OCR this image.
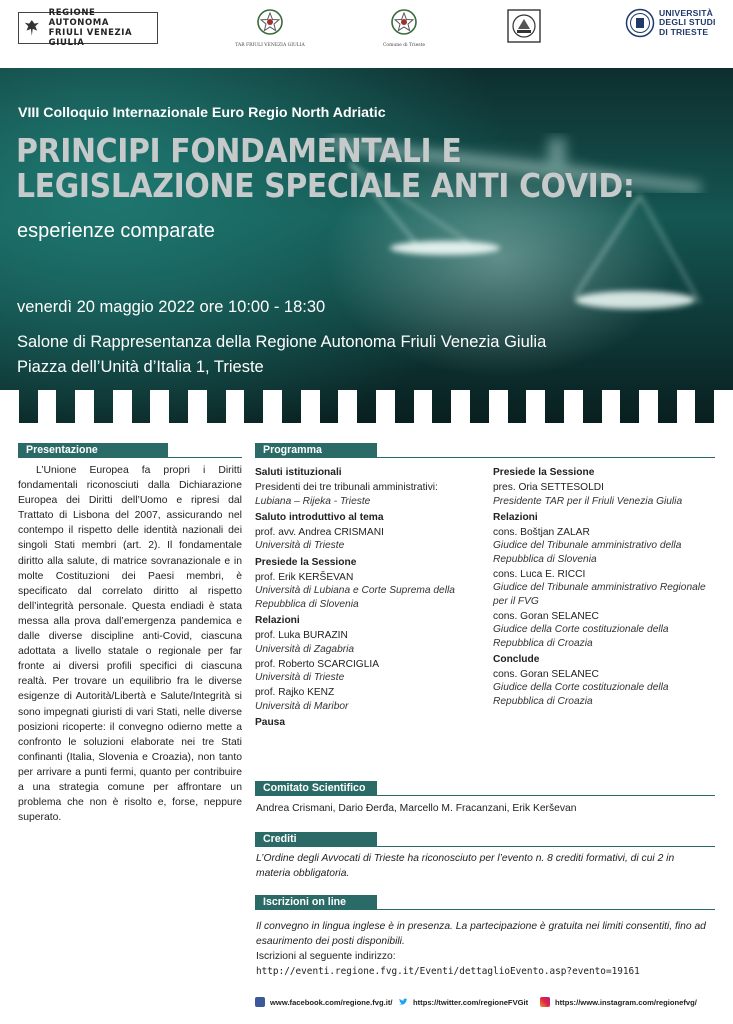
REGIONE AUTONOMA
FRIULI VENEZIA GIULIA	TAR FRIULI VENEZIA GIULIA	Comune di Trieste
UNIVERSITÀ
DEGLI STUDI
DI TRIESTE
VIII Colloquio Internazionale Euro Regio North Adriatic
PRINCIPI FONDAMENTALI E
LEGISLAZIONE SPECIALE ANTI COVID:
esperienze comparate
venerdì 20 maggio 2022 ore 10:00 - 18:30
Salone di Rappresentanza della Regione Autonoma Friuli Venezia Giulia
Piazza dell’Unità d’Italia 1, Trieste
Presentazione
L’Unione Europea fa propri i Diritti fondamentali riconosciuti dalla Dichiarazione Europea dei Diritti dell’Uomo e ripresi dal Trattato di Lisbona del 2007, assicurando nel contempo il rispetto delle identità nazionali dei singoli Stati membri (art. 2). Il fondamentale diritto alla salute, di matrice sovranazionale e in molte Costituzioni dei Paesi membri, è specificato dal correlato diritto al rispetto dell’integrità personale. Questa endiadi è stata messa alla prova dall’emergenza pandemica e dalle diverse discipline anti-Covid, ciascuna adottata a livello statale o regionale per far fronte ai diversi profili specifici di ciascuna realtà. Per trovare un equilibrio fra le diverse esigenze di Autorità/Libertà e Salute/Integrità si sono impegnati giuristi di vari Stati, nelle diverse posizioni ricoperte: il convegno odierno mette a confronto le soluzioni elaborate nei tre Stati confinanti (Italia, Slovenia e Croazia), non tanto per arrivare a punti fermi, quanto per contribuire a una strategia comune per affrontare un problema che non è risolto e, forse, neppure superato.
Programma
Saluti istituzionali
Presidenti dei tre tribunali amministrativi:
Lubiana – Rijeka - Trieste
Saluto introduttivo al tema
prof. avv. Andrea CRISMANI
Università di Trieste
Presiede la Sessione
prof. Erik KERŠEVAN
Università di Lubiana e Corte Suprema della
Repubblica di Slovenia
Relazioni
prof. Luka BURAZIN
Università di Zagabria
prof. Roberto SCARCIGLIA
Università di Trieste
prof. Rajko KENZ
Università di Maribor
Pausa
Presiede la Sessione
pres. Oria SETTESOLDI
Presidente TAR per il Friuli Venezia Giulia
Relazioni
cons. Boštjan ZALAR
Giudice del Tribunale amministrativo della
Repubblica di Slovenia
cons. Luca E. RICCI
Giudice del Tribunale amministrativo Regionale
per il FVG
cons. Goran SELANEC
Giudice della Corte costituzionale della
Repubblica di Croazia
Conclude
cons. Goran SELANEC
Giudice della Corte costituzionale della
Repubblica di Croazia
Comitato Scientifico
Andrea Crismani, Dario Đerđa, Marcello M. Fracanzani, Erik Kerševan
Crediti
L’Ordine degli Avvocati di Trieste ha riconosciuto per l’evento n. 8 crediti formativi, di cui 2 in
materia obbligatoria.
Iscrizioni on line
Il convegno in lingua inglese è in presenza. La partecipazione è gratuita nei limiti consentiti, fino ad
esaurimento dei posti disponibili.
Iscrizioni al seguente indirizzo:
http://eventi.regione.fvg.it/Eventi/dettaglioEvento.asp?evento=19161
www.facebook.com/regione.fvg.it/	https://twitter.com/regioneFVGit	https://www.instagram.com/regionefvg/
